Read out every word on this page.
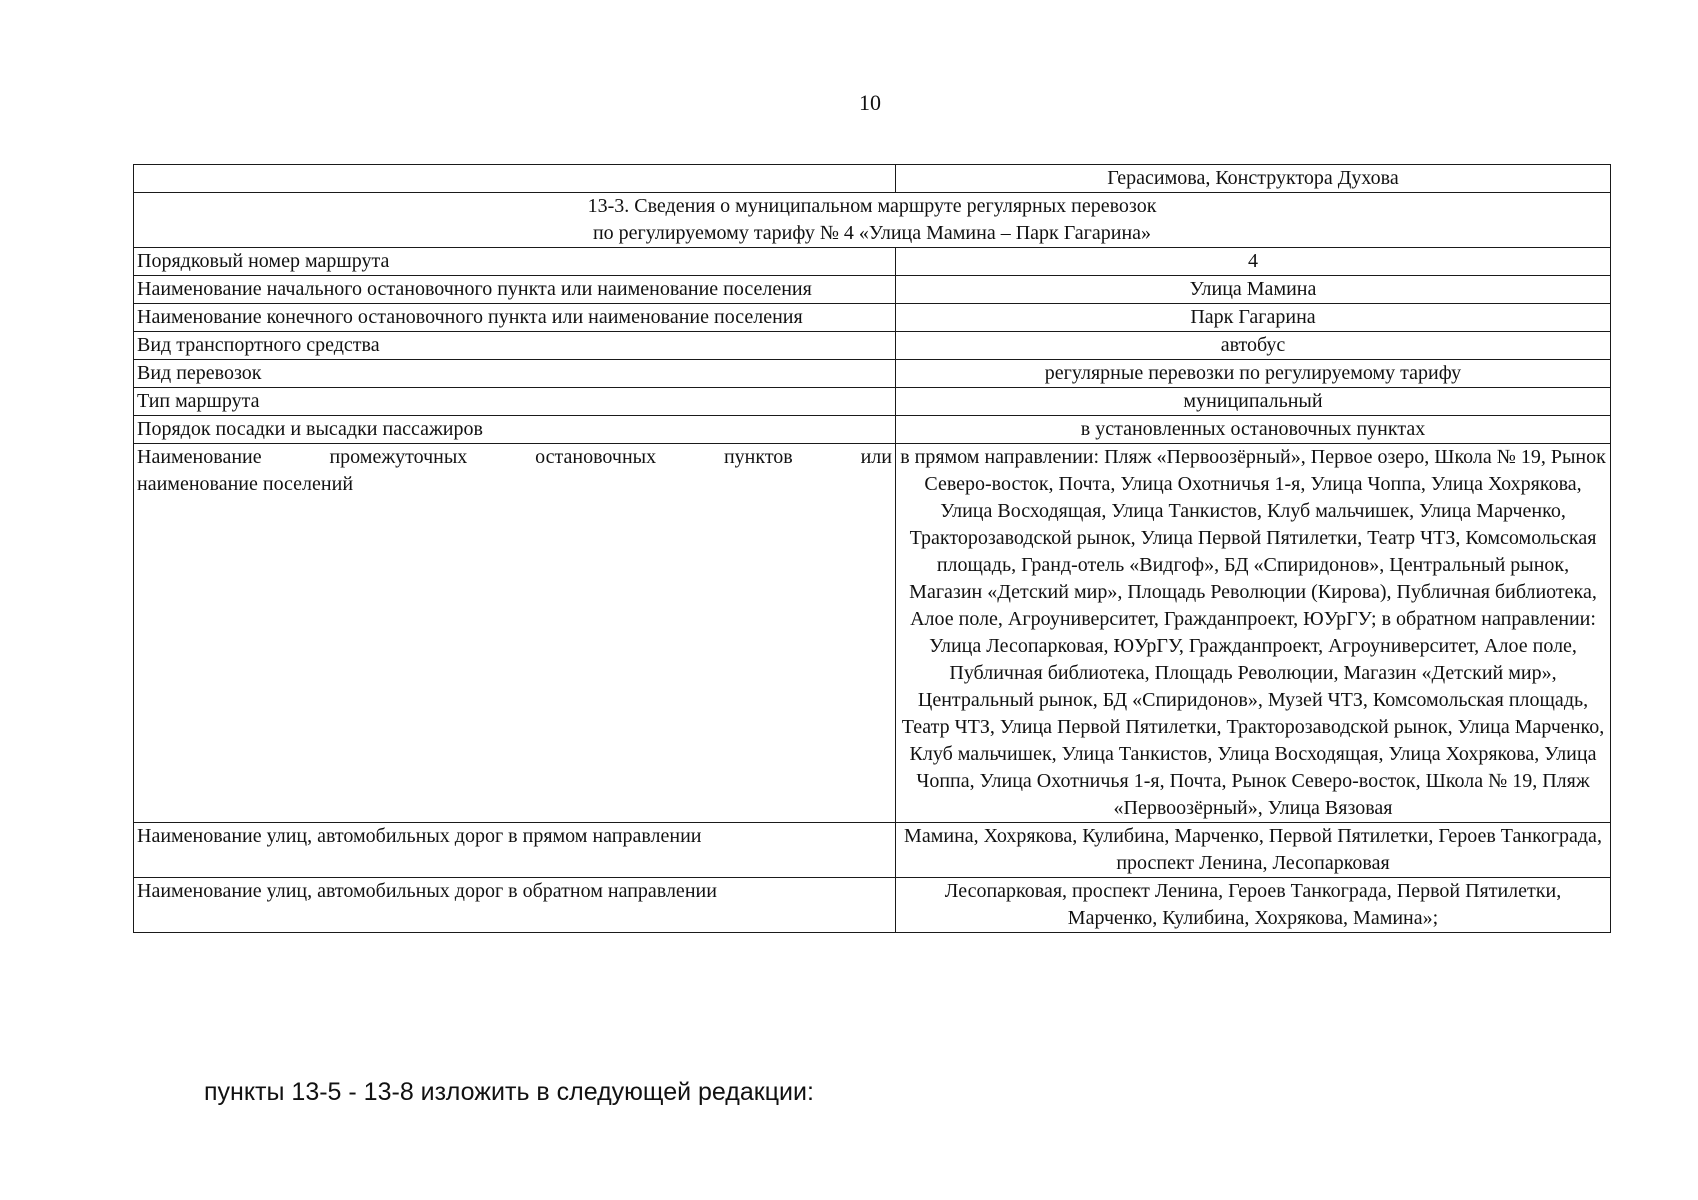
10
	Герасимова, Конструктора Духова

13-3. Сведения о муниципальном маршруте регулярных перевозок
по регулируемому тарифу № 4 «Улица Мамина – Парк Гагарина»	

Порядковый номер маршрута	4
Наименование начального остановочного пункта или наименование поселения	Улица Мамина
Наименование конечного остановочного пункта или наименование поселения	Парк Гагарина
Вид транспортного средства	автобус
Вид перевозок	регулярные перевозки по регулируемому тарифу
Тип маршрута	муниципальный
Порядок посадки и высадки пассажиров	в установленных остановочных пунктах

Наименование промежуточных остановочных пунктов или
наименование поселений	в прямом направлении: Пляж «Первоозёрный», Первое озеро, Школа № 19, Рынок Северо-восток, Почта, Улица Охотничья 1-я, Улица Чоппа, Улица Хохрякова, Улица Восходящая, Улица Танкистов, Клуб мальчишек, Улица Марченко, Тракторозаводской рынок, Улица Первой Пятилетки, Театр ЧТЗ, Комсомольская площадь, Гранд-отель «Видгоф», БД «Спиридонов», Центральный рынок, Магазин «Детский мир», Площадь Революции (Кирова), Публичная библиотека, Алое поле, Агроуниверситет, Гражданпроект, ЮУрГУ; в обратном направлении: Улица Лесопарковая, ЮУрГУ, Гражданпроект, Агроуниверситет, Алое поле, Публичная библиотека, Площадь Революции, Магазин «Детский мир», Центральный рынок, БД «Спиридонов», Музей ЧТЗ, Комсомольская площадь, Театр ЧТЗ, Улица Первой Пятилетки, Тракторозаводской рынок, Улица Марченко, Клуб мальчишек, Улица Танкистов, Улица Восходящая, Улица Хохрякова, Улица Чоппа, Улица Охотничья 1-я, Почта, Рынок Северо-восток, Школа № 19, Пляж «Первоозёрный», Улица Вязовая
Наименование улиц, автомобильных дорог в прямом направлении	Мамина, Хохрякова, Кулибина, Марченко, Первой Пятилетки, Героев Танкограда, проспект Ленина, Лесопарковая
Наименование улиц, автомобильных дорог в обратном направлении	Лесопарковая, проспект Ленина, Героев Танкограда, Первой Пятилетки, Марченко, Кулибина, Хохрякова, Мамина»;
пункты 13-5 - 13-8 изложить в следующей редакции:
